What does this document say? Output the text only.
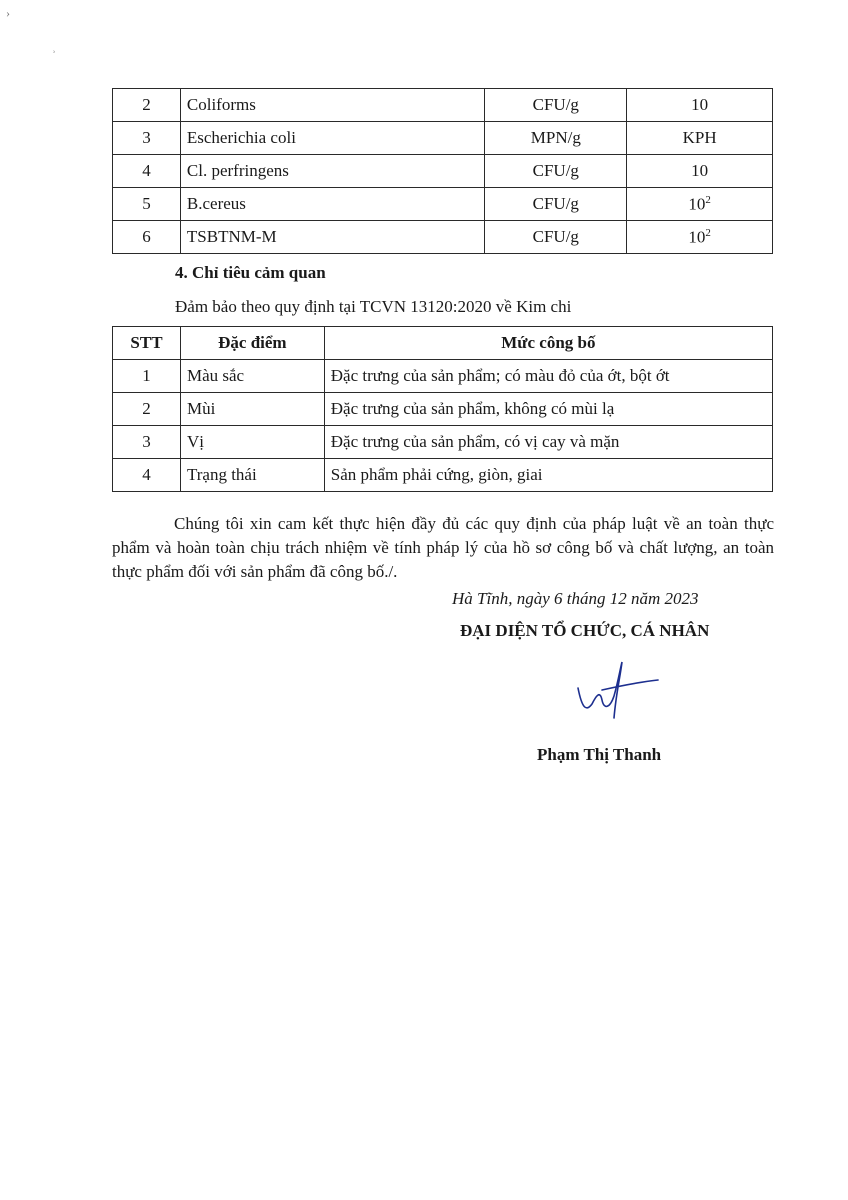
›
ʾ
2	Coliforms	CFU/g	10
3	Escherichia coli	MPN/g	KPH
4	Cl. perfringens	CFU/g	10
5	B.cereus	CFU/g	$10^2$
6	TSBTNM-M	CFU/g	$10^2$
4. Chỉ tiêu cảm quan
Đảm bảo theo quy định tại TCVN 13120:2020 về Kim chi
STT	Đặc điểm	Mức công bố
1	Màu sắc	Đặc trưng của sản phẩm; có màu đỏ của ớt, bột ớt
2	Mùi	Đặc trưng của sản phẩm, không có mùi lạ
3	Vị	Đặc trưng của sản phẩm, có vị cay và mặn
4	Trạng thái	Sản phẩm phải cứng, giòn, giai
Chúng tôi xin cam kết thực hiện đầy đủ các quy định của pháp luật về an toàn thực phẩm và hoàn toàn chịu trách nhiệm về tính pháp lý của hồ sơ công bố và chất lượng, an toàn thực phẩm đối với sản phẩm đã công bố./.
Hà Tĩnh, ngày 6 tháng 12 năm 2023
ĐẠI DIỆN TỔ CHỨC, CÁ NHÂN
Phạm Thị Thanh
